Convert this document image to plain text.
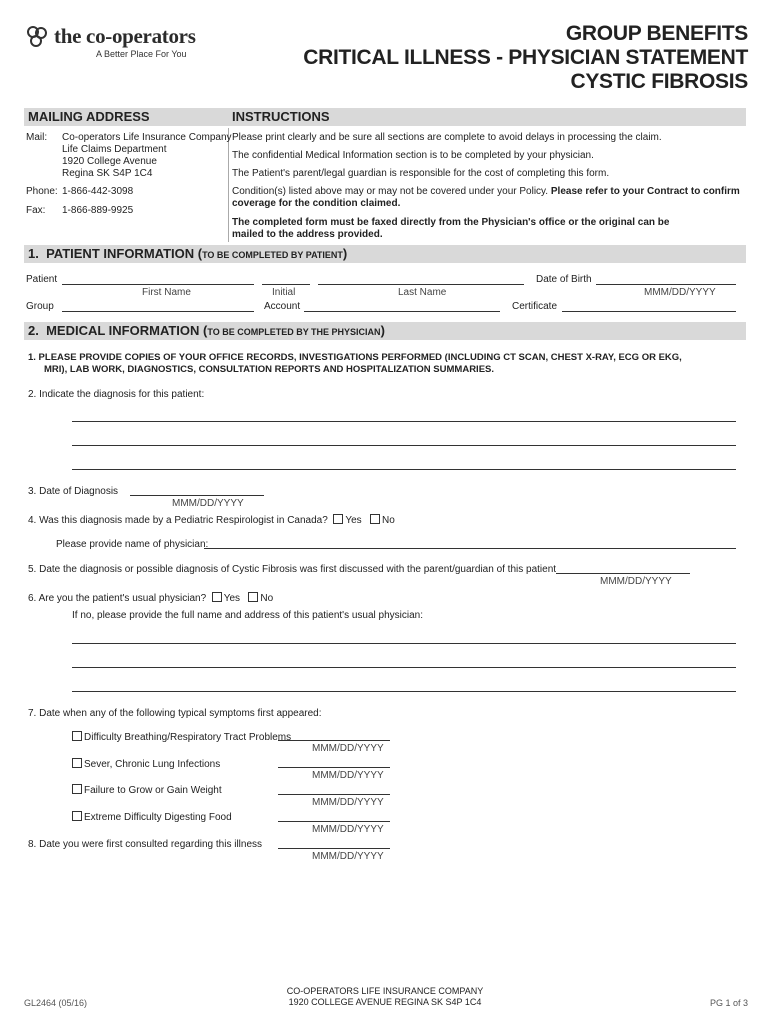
the co-operators
A Better Place For You
GROUP BENEFITS
CRITICAL ILLNESS - PHYSICIAN STATEMENT
CYSTIC FIBROSIS
MAILING ADDRESS	INSTRUCTIONS
Mail: Co-operators Life Insurance Company
Life Claims Department
1920 College Avenue
Regina SK S4P 1C4
Phone: 1-866-442-3098
Fax: 1-866-889-9925
Please print clearly and be sure all sections are complete to avoid delays in processing the claim.
The confidential Medical Information section is to be completed by your physician.
The Patient's parent/legal guardian is responsible for the cost of completing this form.
Condition(s) listed above may or may not be covered under your Policy. Please refer to your Contract to confirm
coverage for the condition claimed.
The completed form must be faxed directly from the Physician's office or the original can be
mailed to the address provided.
1. PATIENT INFORMATION (TO BE COMPLETED BY PATIENT)
Patient
First Name	Initial	Last Name
Date of Birth
MMM/DD/YYYY
Group	Account	Certificate
2. MEDICAL INFORMATION (TO BE COMPLETED BY THE PHYSICIAN)
1. PLEASE PROVIDE COPIES OF YOUR OFFICE RECORDS, INVESTIGATIONS PERFORMED (INCLUDING CT SCAN, CHEST X-RAY, ECG OR EKG,
MRI), LAB WORK, DIAGNOSTICS, CONSULTATION REPORTS AND HOSPITALIZATION SUMMARIES.
2. Indicate the diagnosis for this patient:
3. Date of Diagnosis
MMM/DD/YYYY
4. Was this diagnosis made by a Pediatric Respirologist in Canada? Yes No
Please provide name of physician:
5. Date the diagnosis or possible diagnosis of Cystic Fibrosis was first discussed with the parent/guardian of this patient
MMM/DD/YYYY
6. Are you the patient's usual physician? Yes No
If no, please provide the full name and address of this patient's usual physician:
7. Date when any of the following typical symptoms first appeared:
Difficulty Breathing/Respiratory Tract Problems
MMM/DD/YYYY
Sever, Chronic Lung Infections
MMM/DD/YYYY
Failure to Grow or Gain Weight
MMM/DD/YYYY
Extreme Difficulty Digesting Food
MMM/DD/YYYY
8. Date you were first consulted regarding this illness
MMM/DD/YYYY
GL2464 (05/16)
CO-OPERATORS LIFE INSURANCE COMPANY
1920 COLLEGE AVENUE REGINA SK S4P 1C4	PG 1 of 3
